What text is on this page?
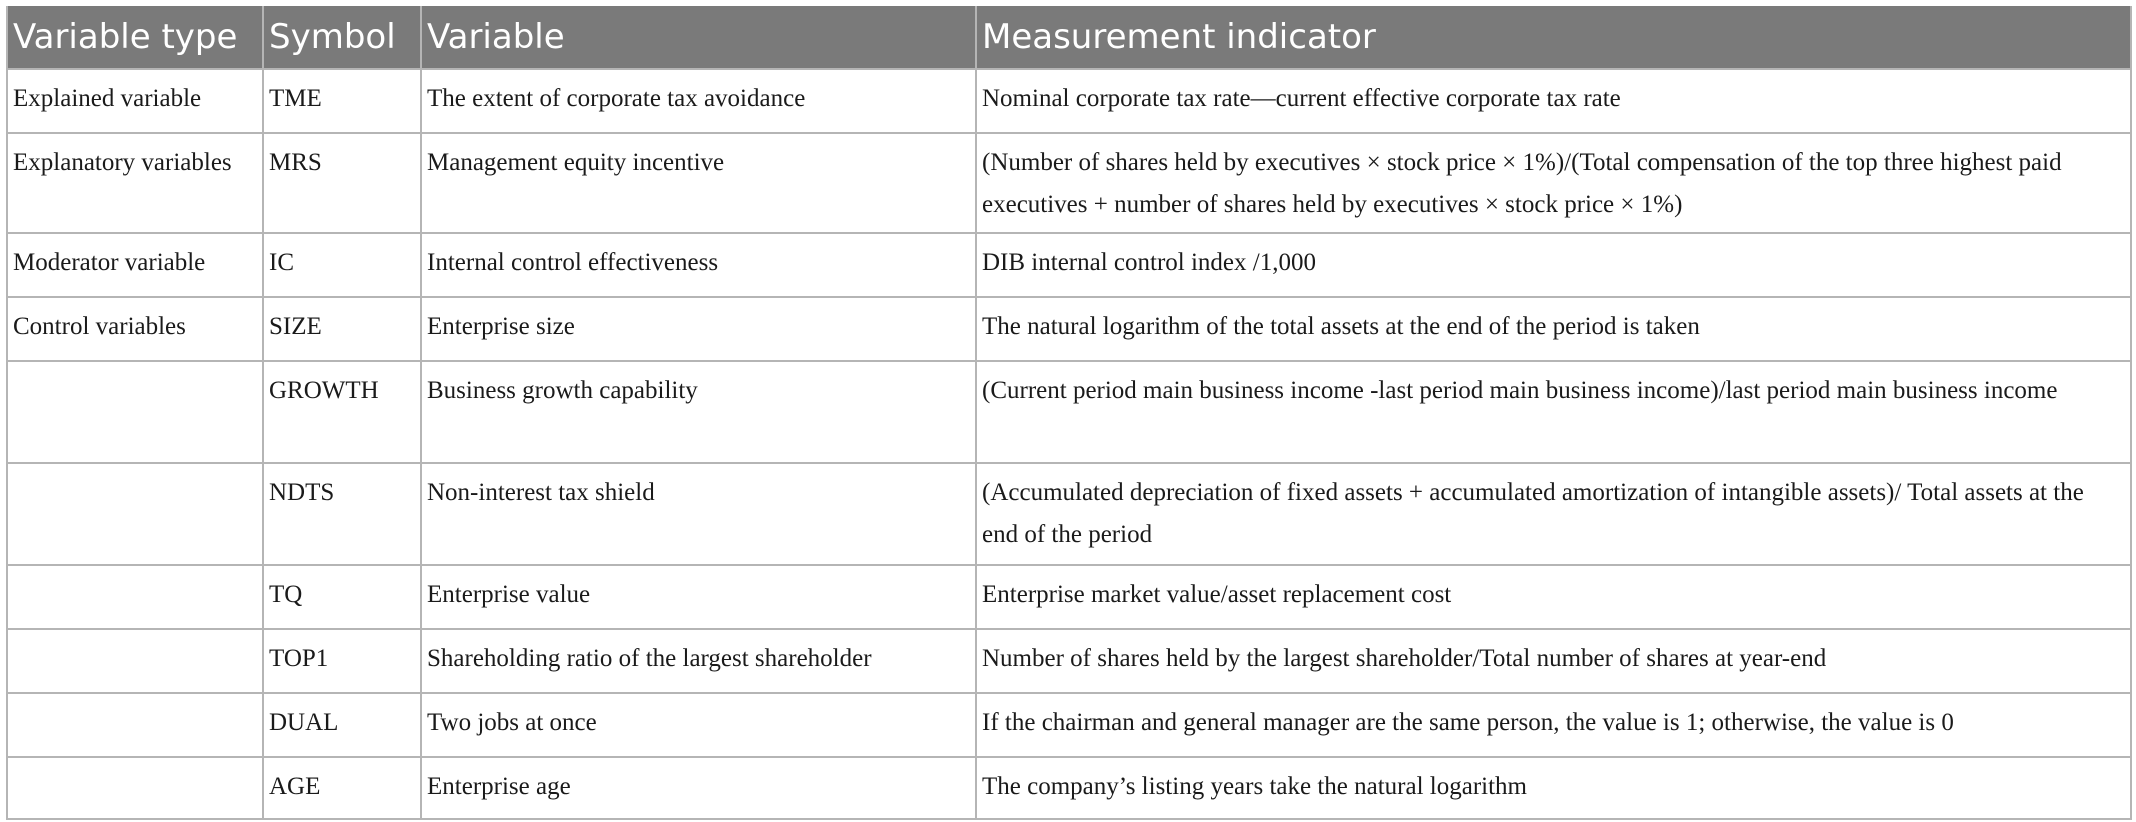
Variable type	Symbol	Variable	Measurement indicator
Explained variable	TME	The extent of corporate tax avoidance	Nominal corporate tax rate—current effective corporate tax rate
Explanatory variables	MRS	Management equity incentive	(Number of shares held by executives × stock price × 1%)/(Total compensation of the top three highest paid executives + number of shares held by executives × stock price × 1%)
Moderator variable	IC	Internal control effectiveness	DIB internal control index /1,000
Control variables	SIZE	Enterprise size	The natural logarithm of the total assets at the end of the period is taken
	GROWTH	Business growth capability	(Current period main business income -last period main business income)/last period main business income
	NDTS	Non-interest tax shield	(Accumulated depreciation of fixed assets + accumulated amortization of intangible assets)/ Total assets at the end of the period
	TQ	Enterprise value	Enterprise market value/asset replacement cost
	TOP1	Shareholding ratio of the largest shareholder	Number of shares held by the largest shareholder/Total number of shares at year-end
	DUAL	Two jobs at once	If the chairman and general manager are the same person, the value is 1; otherwise, the value is 0
	AGE	Enterprise age	The company’s listing years take the natural logarithm
